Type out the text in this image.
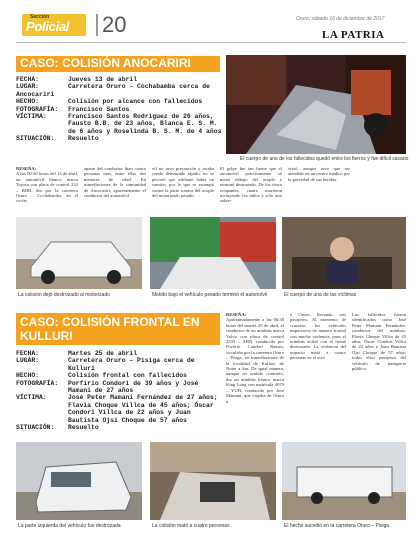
Sección
Policial 20	Oruro, sábado 16 de diciembre de 2017
LA PATRIA
CASO: COLISIÓN ANOCARIRI
FECHA:	Jueves 13 de abril
LUGAR:	Carretera Oruro – Cochabamba cerca de Ancocariri
HECHO:	Colisión por alcance con fallecidos
FOTOGRAFÍA: Francisco Santos
VÍCTIMA:	Francisco Santos Rodríguez de 26 años, Fausto B.B. de 23 años, Blanca E. S. M. de 6 años y Roselinda B. S. M. de 4 años
SITUACIÓN: Resuelto
El cuerpo de uno de los fallecidos quedó entre los fierros y fue difícil sacarlo
RESEÑA:
A hrs 00:30 horas del 13 de abril, un automóvil blanco marca Toyota con placa de control 232 – BHH, dio por la carretera Oruro – Cochabamba, en el coche
aparte del conductor iban cuatro personas más, entre ellas dos menores de edad. En inmediaciones de la comunidad de Ancocariri, aparentemente el conductor del automóvil
vil no tuvo precaución y estaba yendo demasiado rápido, no se percató que adelante había un camión, por lo que se estampó contra la parte trasera del acople del motorizado pesado.
El golpe fue tan fuerte que el automóvil prácticamente se metió debajo del acople y terminó destrozado. De los cinco ocupantes, cuatro murieron incluyendo los niños y sólo uno sobre-
vivió, aunque tuvo que ser atendido en un centro médico por la gravedad de sus heridas.
La colisión dejó destrozado al motorizado	Metido bajo el vehículo pesado terminó el automóvil	El cuerpo de una de las víctimas
CASO: COLISIÓN FRONTAL EN KULLURI
FECHA:	Martes 25 de abril
LUGAR:	Carretera Oruro – Pisiga cerca de Kulluri
HECHO:	Colisión frontal con fallecidos
FOTOGRAFÍA:	Porfirio Condori de 39 años y José Mamani de 27 años
VÍCTIMA:	José Peter Mamani Fernández de 27 años; Flavia Choque Villca de 45 años; Óscar Condori Villca de 22 años y Juan Bautista Ojsi Choque de 57 años
SITUACIÓN: Resuelto
RESEÑA:
Aproximadamente a las 06:30 horas del martes 25 de abril, el conductor de un minibús marca Volvo con placa de control 2533 – ABN, conducido por Porfirio Condori Ramos, circulaba por la carretera Oruro – Pisiga, en inmediaciones de la localidad de Kulluri, de Norte a Sur. De igual manera, aunque en sentido contrario, iba un minibús blanco marca King Long con matrícula 4079 – YUH, conducido por José Mamani, que viajaba de Oruro a
a Oruro, llevando seis pasajeros. Al momento de cruzarse, los vehículos impactaron de manera frontal con mucha violencia, pues el minibús acabó con el frente destrozado. La violencia del impacto mató a cuatro personas en el acto
Los fallecidos fueron identificados como José Peter Mamani Fernández, conductor del minibús; Flavia Choque Villca de 45 años, Óscar Condori Villca de 22 años y Juan Bautista Ojsi Choque de 57 años; todos ellos pasajeros del vehículo de transporte público.
La parte izquierda del vehículo fue destrozada	La colisión mató a cuatro personas	El hecho sucedió en la carretera Oruro – Pisiga
